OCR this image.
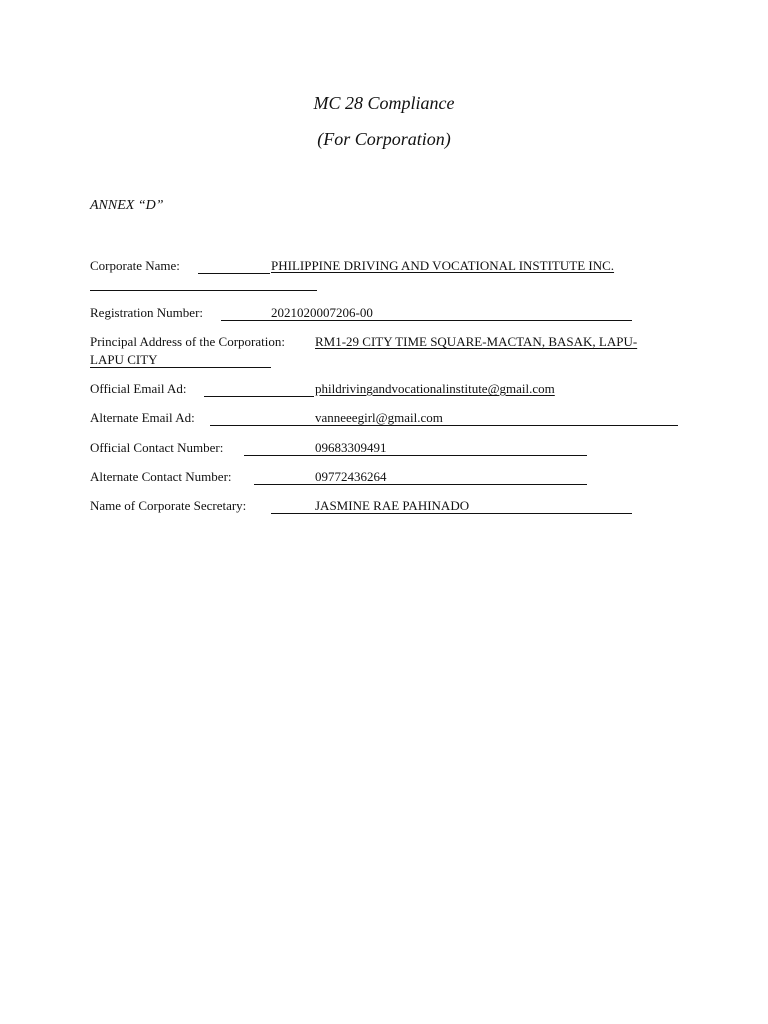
MC 28 Compliance
(For Corporation)
ANNEX “D”
Corporate Name:	PHILIPPINE DRIVING AND VOCATIONAL INSTITUTE INC.
Registration Number:	2021020007206-00
Principal Address of the Corporation: RM1-29 CITY TIME SQUARE-MACTAN, BASAK, LAPU-
LAPU CITY
Official Email Ad:	phildrivingandvocationalinstitute@gmail.com
Alternate Email Ad:	vanneeegirl@gmail.com
Official Contact Number:	09683309491
Alternate Contact Number:	09772436264
Name of Corporate Secretary:	JASMINE RAE PAHINADO
